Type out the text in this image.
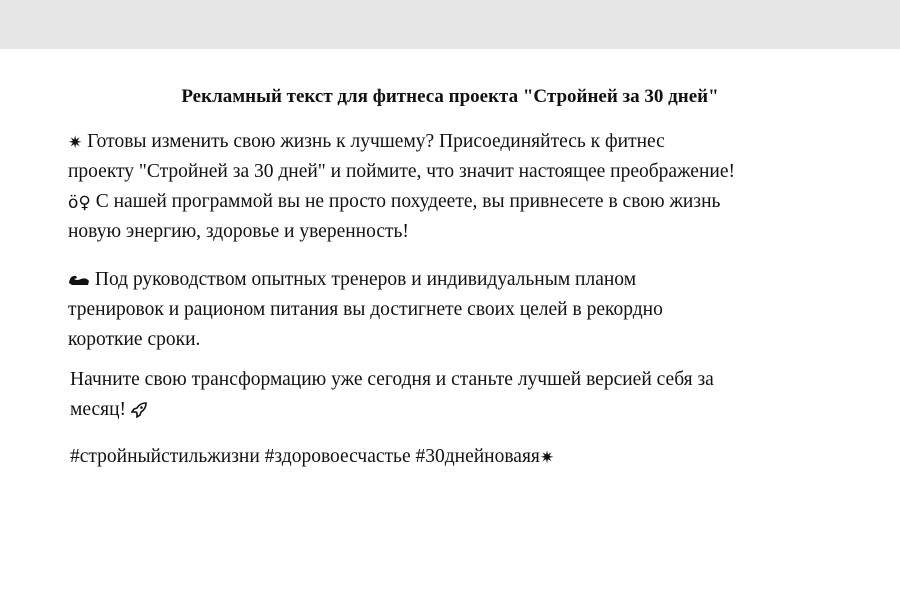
Рекламный текст для фитнеса проекта "Стройней за 30 дней"
✷ Готовы изменить свою жизнь к лучшему? Присоединяйтесь к фитнес
проекту "Стройней за 30 дней" и поймите, что значит настоящее преображение!
ӧ♀ С нашей программой вы не просто похудеете, вы привнесете в свою жизнь
новую энергию, здоровье и уверенность!
Под руководством опытных тренеров и индивидуальным планом
тренировок и рационом питания вы достигнете своих целей в рекордно
короткие сроки.
Начните свою трансформацию уже сегодня и станьте лучшей версией себя за
месяц!
#стройныйстильжизни #здоровоесчастье #30днейноваяя✷
